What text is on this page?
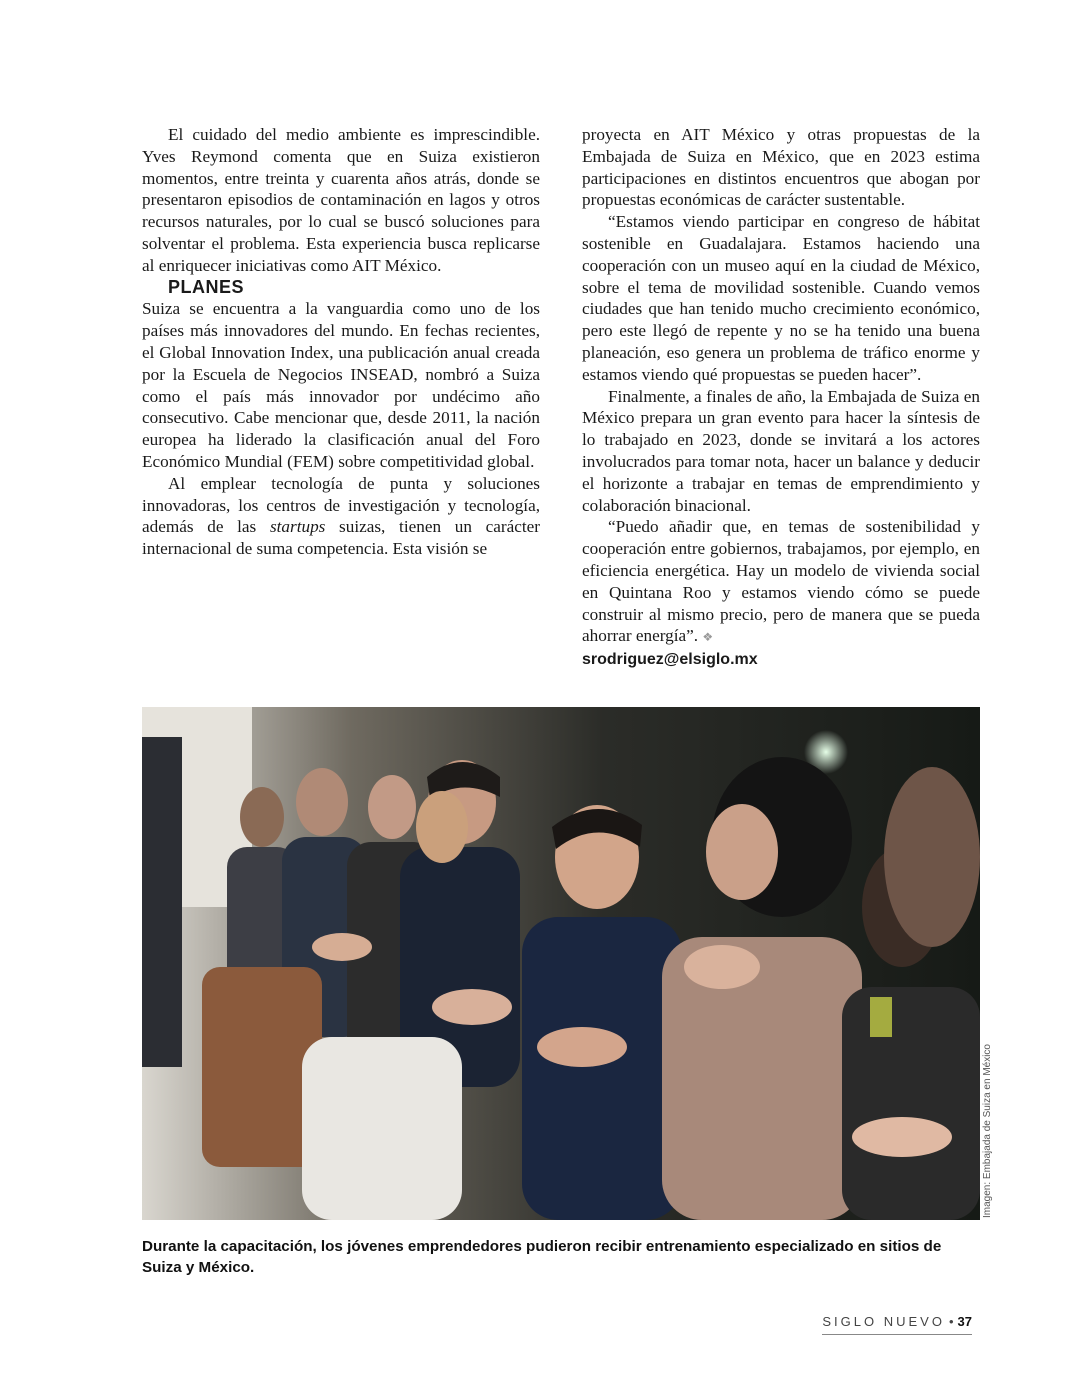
El cuidado del medio ambiente es imprescindible. Yves Reymond comenta que en Suiza existieron momentos, entre treinta y cuarenta años atrás, donde se presentaron episodios de contaminación en lagos y otros recursos naturales, por lo cual se buscó soluciones para solventar el problema. Esta experiencia busca replicarse al enriquecer iniciativas como AIT México.

PLANES

Suiza se encuentra a la vanguardia como uno de los países más innovadores del mundo. En fechas recientes, el Global Innovation Index, una publicación anual creada por la Escuela de Negocios INSEAD, nombró a Suiza como el país más innovador por undécimo año consecutivo. Cabe mencionar que, desde 2011, la nación europea ha liderado la clasificación anual del Foro Económico Mundial (FEM) sobre competitividad global.

Al emplear tecnología de punta y soluciones innovadoras, los centros de investigación y tecnología, además de las startups suizas, tienen un carácter internacional de suma competencia. Esta visión se

proyecta en AIT México y otras propuestas de la Embajada de Suiza en México, que en 2023 estima participaciones en distintos encuentros que abogan por propuestas económicas de carácter sustentable.

“Estamos viendo participar en congreso de hábitat sostenible en Guadalajara. Estamos haciendo una cooperación con un museo aquí en la ciudad de México, sobre el tema de movilidad sostenible. Cuando vemos ciudades que han tenido mucho crecimiento económico, pero este llegó de repente y no se ha tenido una buena planeación, eso genera un problema de tráfico enorme y estamos viendo qué propuestas se pueden hacer”.

Finalmente, a finales de año, la Embajada de Suiza en México prepara un gran evento para hacer la síntesis de lo trabajado en 2023, donde se invitará a los actores involucrados para tomar nota, hacer un balance y deducir el horizonte a trabajar en temas de emprendimiento y colaboración binacional.

“Puedo añadir que, en temas de sostenibilidad y cooperación entre gobiernos, trabajamos, por ejemplo, en eficiencia energética. Hay un modelo de vivienda social en Quintana Roo y estamos viendo cómo se puede construir al mismo precio, pero de manera que se pueda ahorrar energía”. ❖

srodriguez@elsiglo.mx
Imagen: Embajada de Suiza en México
Durante la capacitación, los jóvenes emprendedores pudieron recibir entrenamiento especializado en sitios de Suiza y México.
SIGLO NUEVO • 37
